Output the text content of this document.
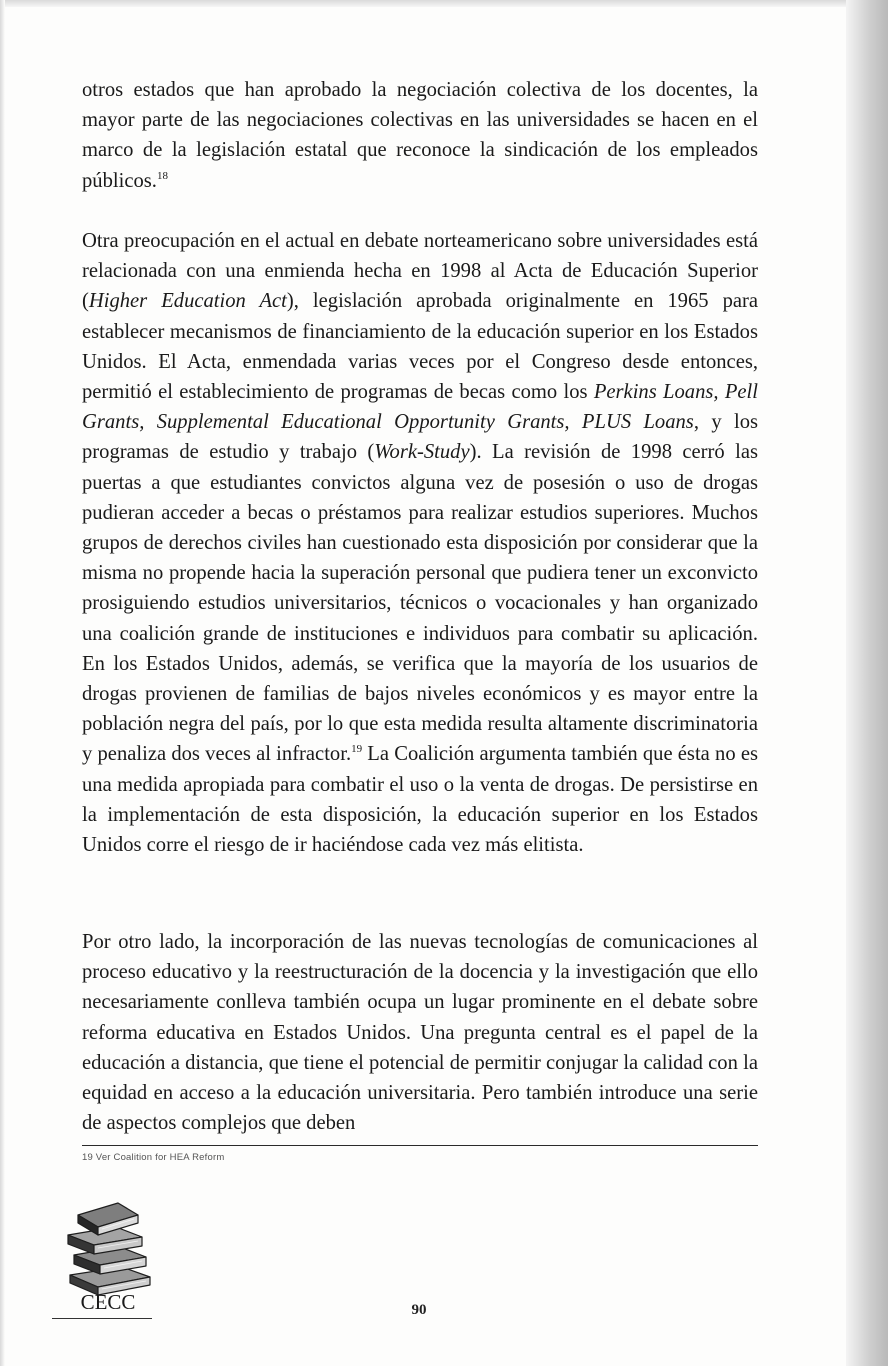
otros estados que han aprobado la negociación colectiva de los docentes, la mayor parte de las negociaciones colectivas en las universidades se hacen en el marco de la legislación estatal que reconoce la sindicación de los empleados públicos.$^{18}$

Otra preocupación en el actual en debate norteamericano sobre universidades está relacionada con una enmienda hecha en 1998 al Acta de Educación Superior (Higher Education Act), legislación aprobada originalmente en 1965 para establecer mecanismos de financiamiento de la educación superior en los Estados Unidos. El Acta, enmendada varias veces por el Congreso desde entonces, permitió el establecimiento de programas de becas como los Perkins Loans, Pell Grants, Supplemental Educational Opportunity Grants, PLUS Loans, y los programas de estudio y trabajo (Work-Study). La revisión de 1998 cerró las puertas a que estudiantes convictos alguna vez de posesión o uso de drogas pudieran acceder a becas o préstamos para realizar estudios superiores. Muchos grupos de derechos civiles han cuestionado esta disposición por considerar que la misma no propende hacia la superación personal que pudiera tener un exconvicto prosiguiendo estudios universitarios, técnicos o vocacionales y han organizado una coalición grande de instituciones e individuos para combatir su aplicación. En los Estados Unidos, además, se verifica que la mayoría de los usuarios de drogas provienen de familias de bajos niveles económicos y es mayor entre la población negra del país, por lo que esta medida resulta altamente discriminatoria y penaliza dos veces al infractor.$^{19}$ La Coalición argumenta también que ésta no es una medida apropiada para combatir el uso o la venta de drogas. De persistirse en la implementación de esta disposición, la educación superior en los Estados Unidos corre el riesgo de ir haciéndose cada vez más elitista.

Por otro lado, la incorporación de las nuevas tecnologías de comunicaciones al proceso educativo y la reestructuración de la docencia y la investigación que ello necesariamente conlleva también ocupa un lugar prominente en el debate sobre reforma educativa en Estados Unidos. Una pregunta central es el papel de la educación a distancia, que tiene el potencial de permitir conjugar la calidad con la equidad en acceso a la educación universitaria. Pero también introduce una serie de aspectos complejos que deben

19 Ver Coalition for HEA Reform
CECC	90
